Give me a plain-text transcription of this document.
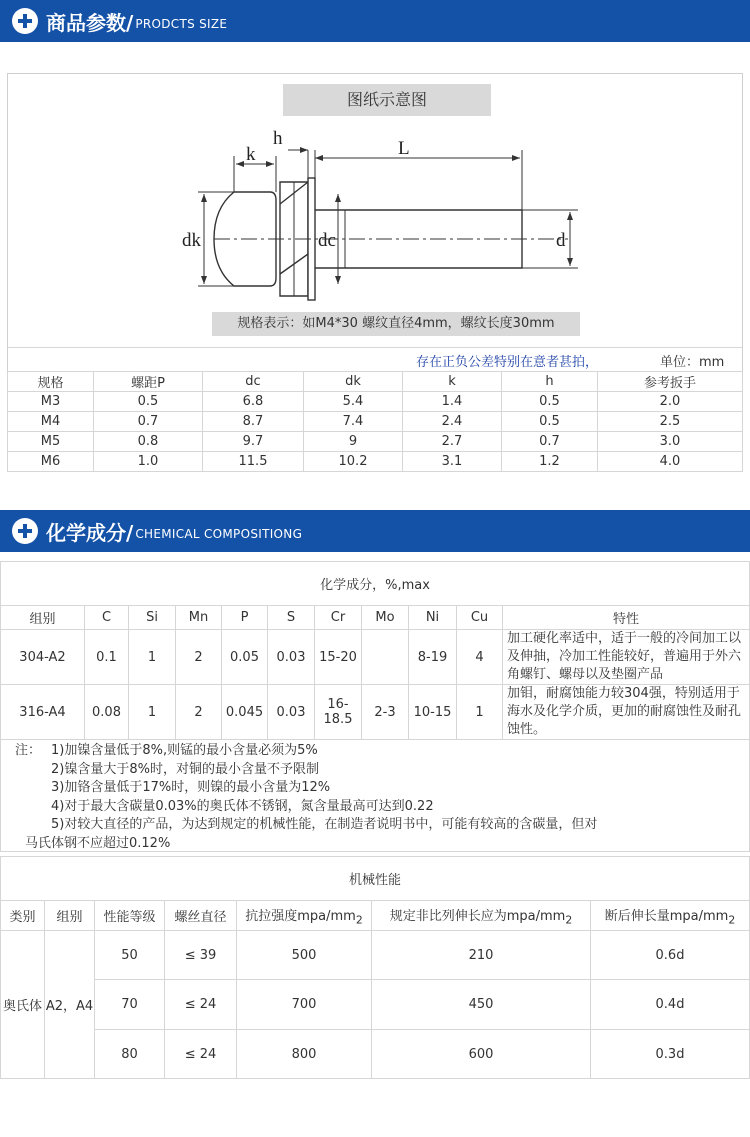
商品参数/ PRODCTS SIZE
图纸示意图
k
h	L
dk	dc	d
规格表示：如M4*30 螺纹直径4mm，螺纹长度30mm
存在正负公差特别在意者甚拍，	单位：mm
规格	螺距P	dc	dk	k	h	参考扳手
M3	0.5	6.8	5.4	1.4	0.5	2.0
M4	0.7	8.7	7.4	2.4	0.5	2.5
M5	0.8	9.7	9	2.7	0.7	3.0
M6	1.0	11.5	10.2	3.1	1.2	4.0
化学成分/ CHEMICAL COMPOSITIONG
化学成分，%,max										
组别	C	Si	Mn	P	S	Cr	Mo	Ni	Cu	特性
304-A2	0.1	1	2	0.05	0.03	15-20		8-19	4	加工硬化率适中，适于一般的冷间加工以及伸抽，冷加工性能较好，普遍用于外六角螺钉、螺母以及垫圈产品
316-A4	0.08	1	2	0.045	0.03	16-18.5	2-3	10-15	1	加钼，耐腐蚀能力较304强，特别适用于海水及化学介质，更加的耐腐蚀性及耐孔蚀性。
注： 1)加镍含量低于8%,则锰的最小含量必须为5%
2)镍含量大于8%时，对铜的最小含量不予限制
3)加铬含量低于17%时，则镍的最小含量为12%
4)对于最大含碳量0.03%的奥氏体不锈钢，氮含量最高可达到0.22
5)对较大直径的产品，为达到规定的机械性能，在制造者说明书中，可能有较高的含碳量，但对
马氏体钢不应超过0.12%
机械性能						
类别	组别	性能等级	螺丝直径	抗拉强度mpa/$mm_2$	规定非比列伸长应为mpa/$mm_2$	断后伸长量mpa/$mm_2$
奥氏体	A2，A4	50	≤ 39	500	210	0.6d
		70	≤ 24	700	450	0.4d
		80	≤ 24	800	600	0.3d
